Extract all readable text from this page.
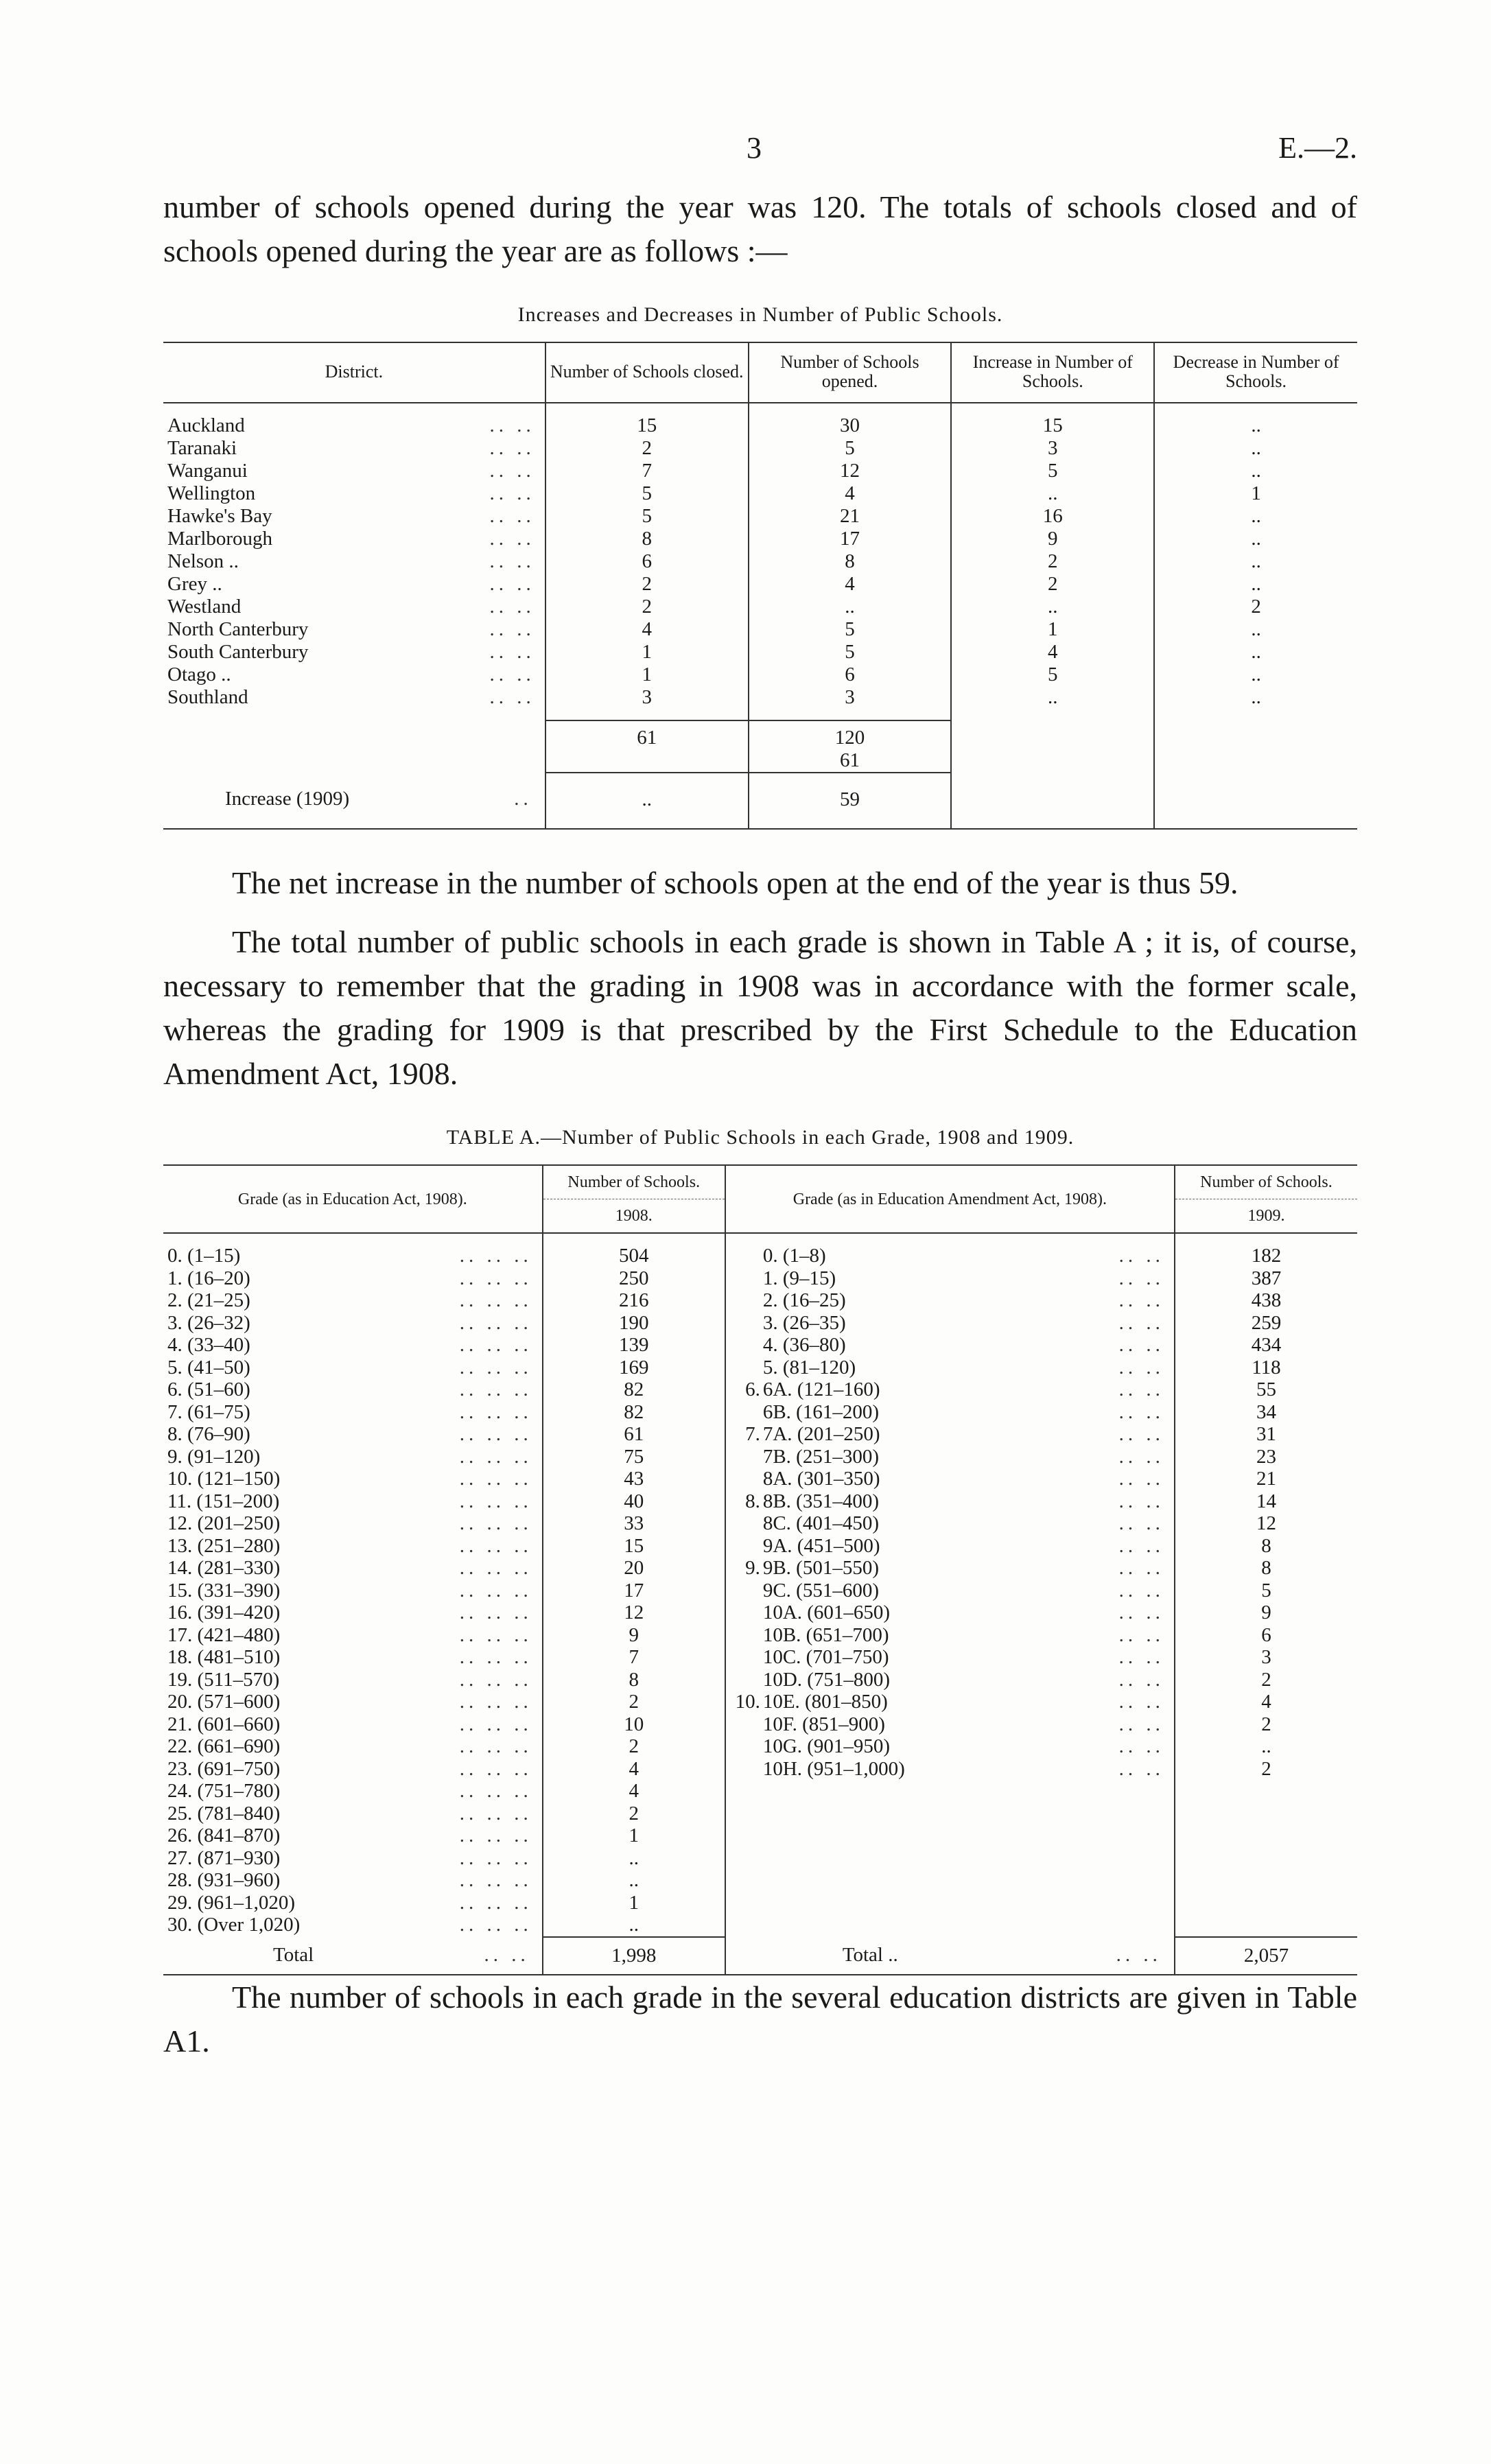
3	E.—2.

number of schools opened during the year was 120. The totals of schools closed and of schools opened during the year are as follows :—

Increases and Decreases in Number of Public Schools.
District.	Number of Schools closed.	Number of Schools opened.	Increase in Number of Schools.	Decrease in Number of Schools.

Auckland .. ..	15	30	15	..

Taranaki .. ..	2	5	3	..

Wanganui .. ..	7	12	5	..

Wellington .. ..	5	4	..	1

Hawke's Bay .. ..	5	21	16	..

Marlborough .. ..	8	17	9	..

Nelson .. .. ..	6	8	2	..

Grey .. .. ..	2	4	2	..

Westland .. ..	2	..	..	2

North Canterbury .. ..	4	5	1	..

South Canterbury .. ..	1	5	4	..

Otago .. .. ..	1	6	5	..

Southland .. ..	3	3	..	..

	61	120
61		

Increase (1909) ..	..	59		

The net increase in the number of schools open at the end of the year is thus 59.

The total number of public schools in each grade is shown in Table A ; it is, of course, necessary to remember that the grading in 1908 was in accordance with the former scale, whereas the grading for 1909 is that prescribed by the First Schedule to the Education Amendment Act, 1908.

TABLE A.—Number of Public Schools in each Grade, 1908 and 1909.
Grade (as in Education Act, 1908).	Number of Schools.	Grade (as in Education Amendment Act, 1908).	Number of Schools.
	1908.		1909.

0. (1–15) .. .. ..	504	0. (1–8) .. ..	182

1. (16–20) .. .. ..	250	1. (9–15) .. ..	387

2. (21–25) .. .. ..	216	2. (16–25) .. ..	438

3. (26–32) .. .. ..	190	3. (26–35) .. ..	259

4. (33–40) .. .. ..	139	4. (36–80) .. ..	434

5. (41–50) .. .. ..	169	5. (81–120) .. ..	118

6. (51–60) .. .. ..	82	6. 6A. (121–160) .. ..	55

7. (61–75) .. .. ..	82	6B. (161–200) .. ..	34

8. (76–90) .. .. ..	61	7. 7A. (201–250) .. ..	31

9. (91–120) .. .. ..	75	7B. (251–300) .. ..	23

10. (121–150) .. .. ..	43	8A. (301–350) .. ..	21

11. (151–200) .. .. ..	40	8. 8B. (351–400) .. ..	14

12. (201–250) .. .. ..	33	8C. (401–450) .. ..	12

13. (251–280) .. .. ..	15	9A. (451–500) .. ..	8

14. (281–330) .. .. ..	20	9. 9B. (501–550) .. ..	8

15. (331–390) .. .. ..	17	9C. (551–600) .. ..	5

16. (391–420) .. .. ..	12	10A. (601–650) .. ..	9

17. (421–480) .. .. ..	9	10B. (651–700) .. ..	6

18. (481–510) .. .. ..	7	10C. (701–750) .. ..	3

19. (511–570) .. .. ..	8	10D. (751–800) .. ..	2

20. (571–600) .. .. ..	2	10. 10E. (801–850) .. ..	4

21. (601–660) .. .. ..	10	10F. (851–900) .. ..	2

22. (661–690) .. .. ..	2	10G. (901–950) .. ..	..

23. (691–750) .. .. ..	4	10H. (951–1,000) .. ..	2

24. (751–780) .. .. ..	4		

25. (781–840) .. .. ..	2		

26. (841–870) .. .. ..	1		

27. (871–930) .. .. ..	..		

28. (931–960) .. .. ..	..		

29. (961–1,020) .. .. ..	1		

30. (Over 1,020) .. .. ..	..		

Total .. ..	1,998	Total .. .. ..	2,057

The number of schools in each grade in the several education districts are given in Table A1.
